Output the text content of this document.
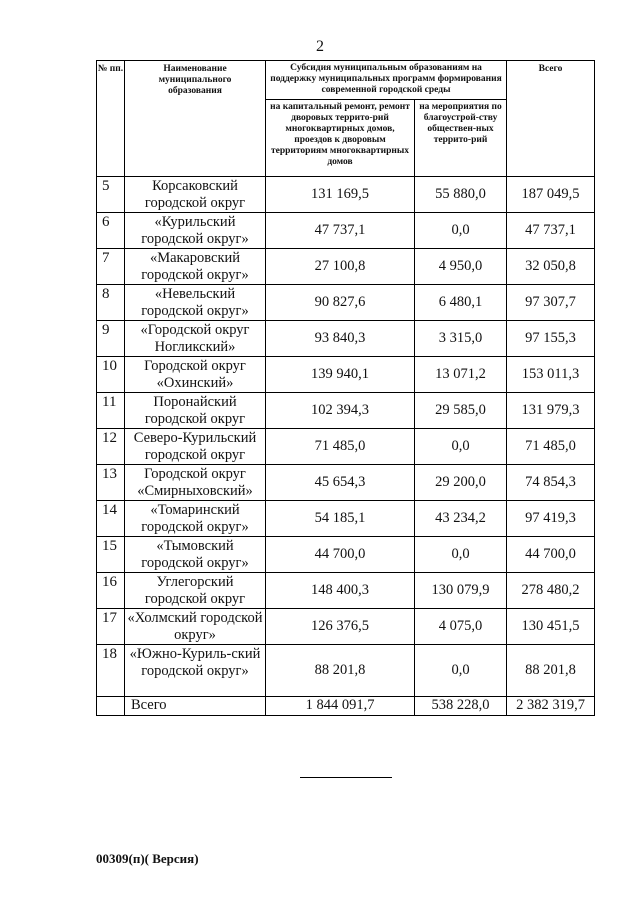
2
№ пп.	Наименование муниципального образования	Субсидия муниципальным образованиям на поддержку муниципальных программ формирования современной городской среды		Всего
		на капитальный ремонт, ремонт дворовых террито-рий многоквартирных домов, проездов к дворовым территориям многоквартирных домов	на мероприятия по благоустрой-ству обществен-ных террито-рий	
5	Корсаковский городской округ	131 169,5	55 880,0	187 049,5
6	«Курильский городской округ»	47 737,1	0,0	47 737,1
7	«Макаровский городской округ»	27 100,8	4 950,0	32 050,8
8	«Невельский городской округ»	90 827,6	6 480,1	97 307,7
9	«Городской округ Ногликский»	93 840,3	3 315,0	97 155,3
10	Городской округ «Охинский»	139 940,1	13 071,2	153 011,3
11	Поронайский городской округ	102 394,3	29 585,0	131 979,3
12	Северо-Курильский городской округ	71 485,0	0,0	71 485,0
13	Городской округ «Смирныховский»	45 654,3	29 200,0	74 854,3
14	«Томаринский городской округ»	54 185,1	43 234,2	97 419,3
15	«Тымовский городской округ»	44 700,0	0,0	44 700,0
16	Углегорский городской округ	148 400,3	130 079,9	278 480,2
17	«Холмский городской округ»	126 376,5	4 075,0	130 451,5
18	«Южно-Куриль-ский городской округ»	88 201,8	0,0	88 201,8
	Всего	1 844 091,7	538 228,0	2 382 319,7
00309(п)( Версия)
